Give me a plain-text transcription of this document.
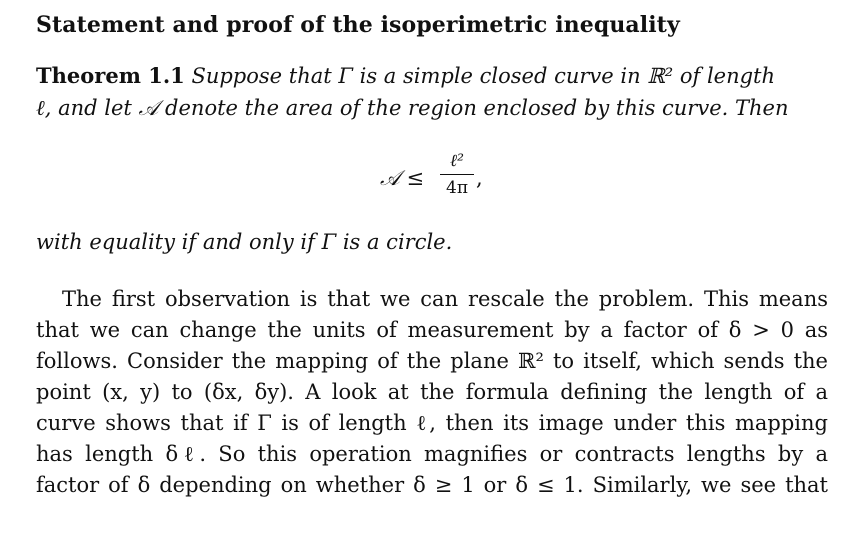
Statement and proof of the isoperimetric inequality
Theorem 1.1 Suppose that Γ is a simple closed curve in ℝ² of length
ℓ, and let 𝒜 denote the area of the region enclosed by this curve. Then
𝒜 ≤
ℓ²
4π ,
with equality if and only if Γ is a circle.
The first observation is that we can rescale the problem. This means
that we can change the units of measurement by a factor of δ > 0 as
follows. Consider the mapping of the plane ℝ² to itself, which sends the
point (x, y) to (δx, δy). A look at the formula defining the length of a
curve shows that if Γ is of length ℓ, then its image under this mapping
has length δℓ. So this operation magnifies or contracts lengths by a
factor of δ depending on whether δ ≥ 1 or δ ≤ 1. Similarly, we see that
